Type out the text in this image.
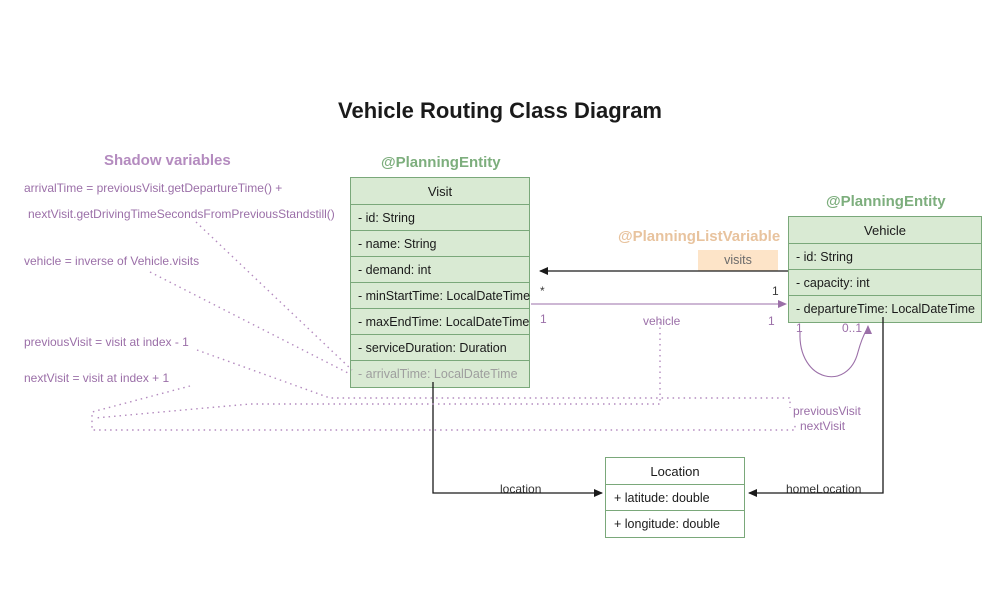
Vehicle Routing Class Diagram
Shadow variables	@PlanningEntity
@PlanningEntity
@PlanningListVariable
Visit
- id: String
- name: String
- demand: int
- minStartTime: LocalDateTime
- maxEndTime: LocalDateTime
- serviceDuration: Duration
- arrivalTime: LocalDateTime
Vehicle
- id: String
- capacity: int
- departureTime: LocalDateTime
Location
+ latitude: double
+ longitude: double
visits
arrivalTime = previousVisit.getDepartureTime() +
nextVisit.getDrivingTimeSecondsFromPreviousStandstill()
vehicle = inverse of Vehicle.visits
previousVisit = visit at index - 1
nextVisit = visit at index + 1
*	1
1	vehicle	1 1	0..1
previousVisit
nextVisit
location	homeLocation
